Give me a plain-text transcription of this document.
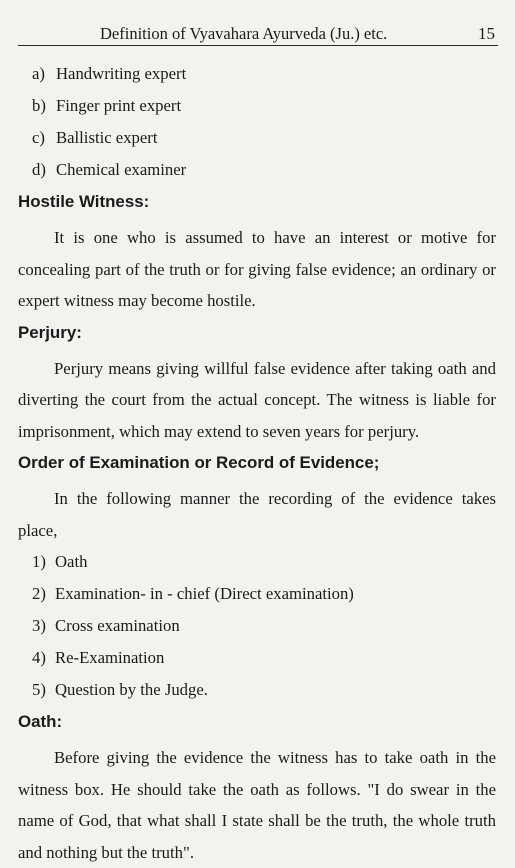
Definition of Vyavahara Ayurveda (Ju.) etc.	15
a) Handwriting expert
b) Finger print expert
c) Ballistic expert
d) Chemical examiner
Hostile Witness:

It is one who is assumed to have an interest or motive for concealing part of the truth or for giving false evidence; an ordinary or expert witness may become hostile.

Perjury:

Perjury means giving willful false evidence after taking oath and diverting the court from the actual concept. The witness is liable for imprisonment, which may extend to seven years for perjury.

Order of Examination or Record of Evidence;

In the following manner the recording of the evidence takes place,

1) Oath
2) Examination- in - chief (Direct examination)
3) Cross examination
4) Re-Examination
5) Question by the Judge.
Oath:

Before giving the evidence the witness has to take oath in the witness box. He should take the oath as follows. "I do swear in the name of God, that what shall I state shall be the truth, the whole truth and nothing but the truth".
